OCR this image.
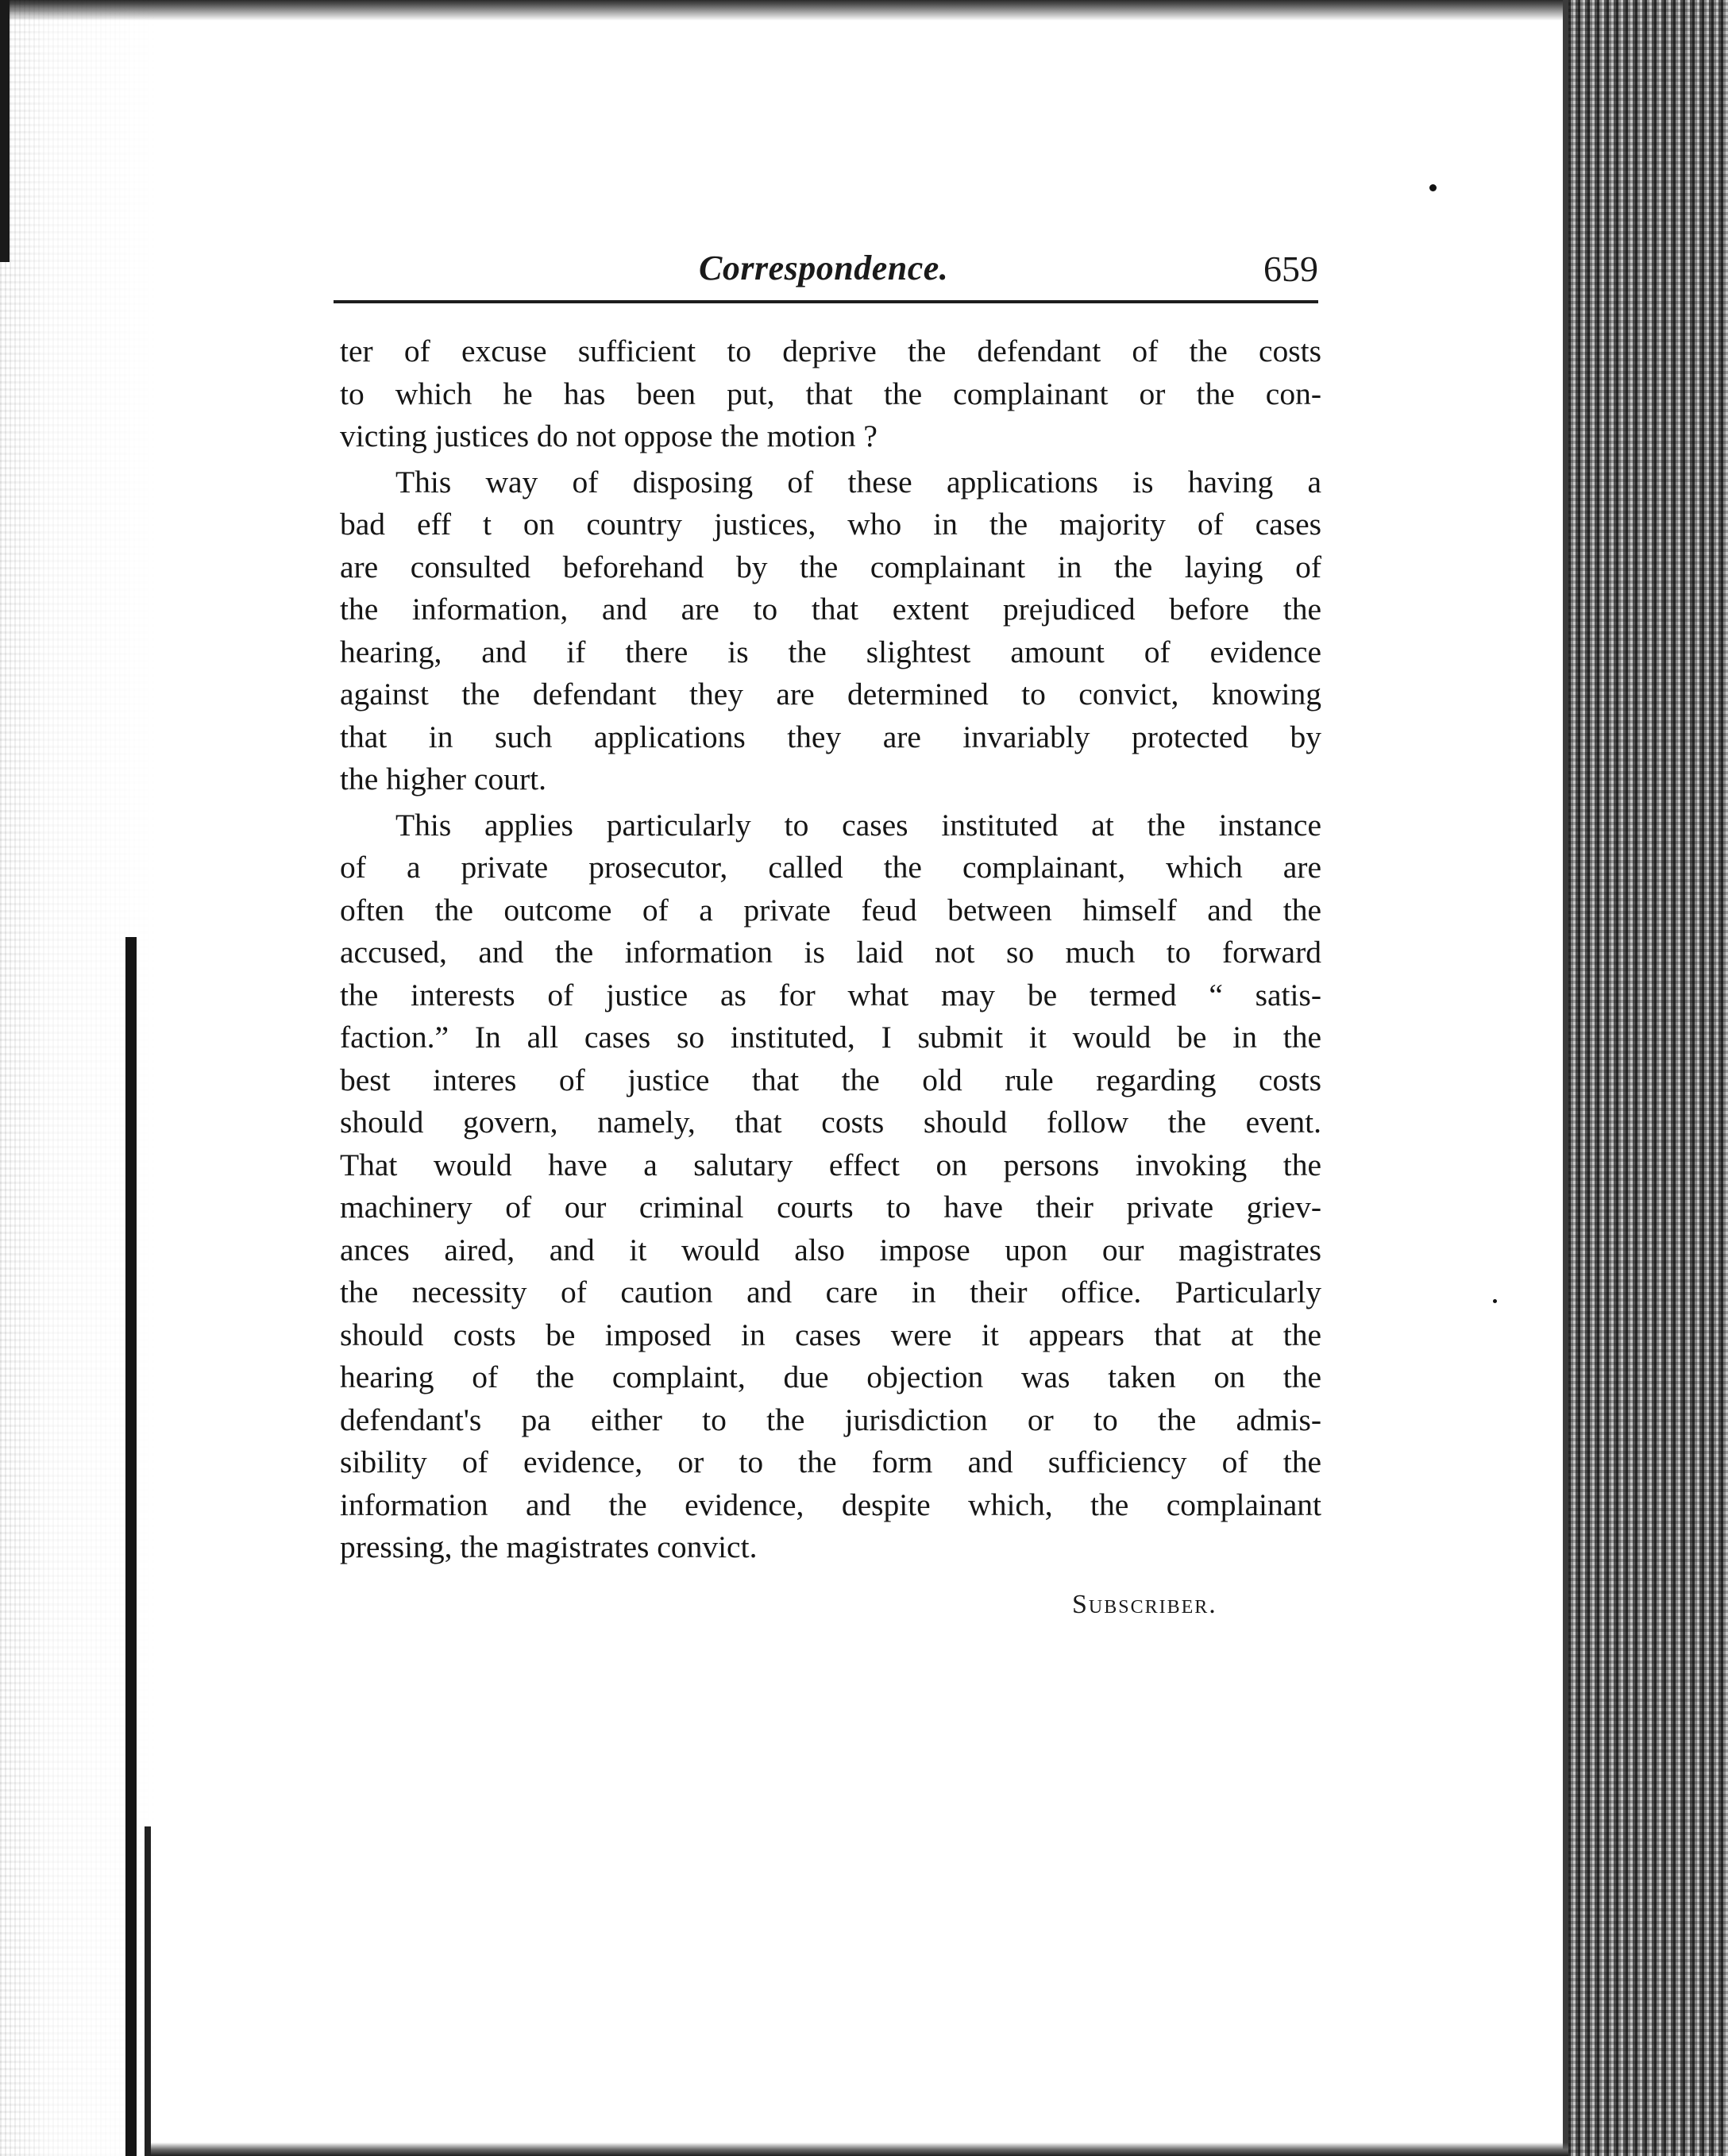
Correspondence.	659
ter of excuse sufficient to deprive the defendant of the costs
to which he has been put, that the complainant or the con-
victing justices do not oppose the motion ?
This way of disposing of these applications is having a
bad eff t on country justices, who in the majority of cases
are consulted beforehand by the complainant in the laying of
the information, and are to that extent prejudiced before the
hearing, and if there is the slightest amount of evidence
against the defendant they are determined to convict, knowing
that in such applications they are invariably protected by
the higher court.
This applies particularly to cases instituted at the instance
of a private prosecutor, called the complainant, which are
often the outcome of a private feud between himself and the
accused, and the information is laid not so much to forward
the interests of justice as for what may be termed “ satis-
faction.” In all cases so instituted, I submit it would be in the
best interes of justice that the old rule regarding costs
should govern, namely, that costs should follow the event.
That would have a salutary effect on persons invoking the
machinery of our criminal courts to have their private griev-
ances aired, and it would also impose upon our magistrates
the necessity of caution and care in their office. Particularly
should costs be imposed in cases were it appears that at the
hearing of the complaint, due objection was taken on the
defendant's pa either to the jurisdiction or to the admis-
sibility of evidence, or to the form and sufficiency of the
information and the evidence, despite which, the complainant
pressing, the magistrates convict.
Subscriber.
